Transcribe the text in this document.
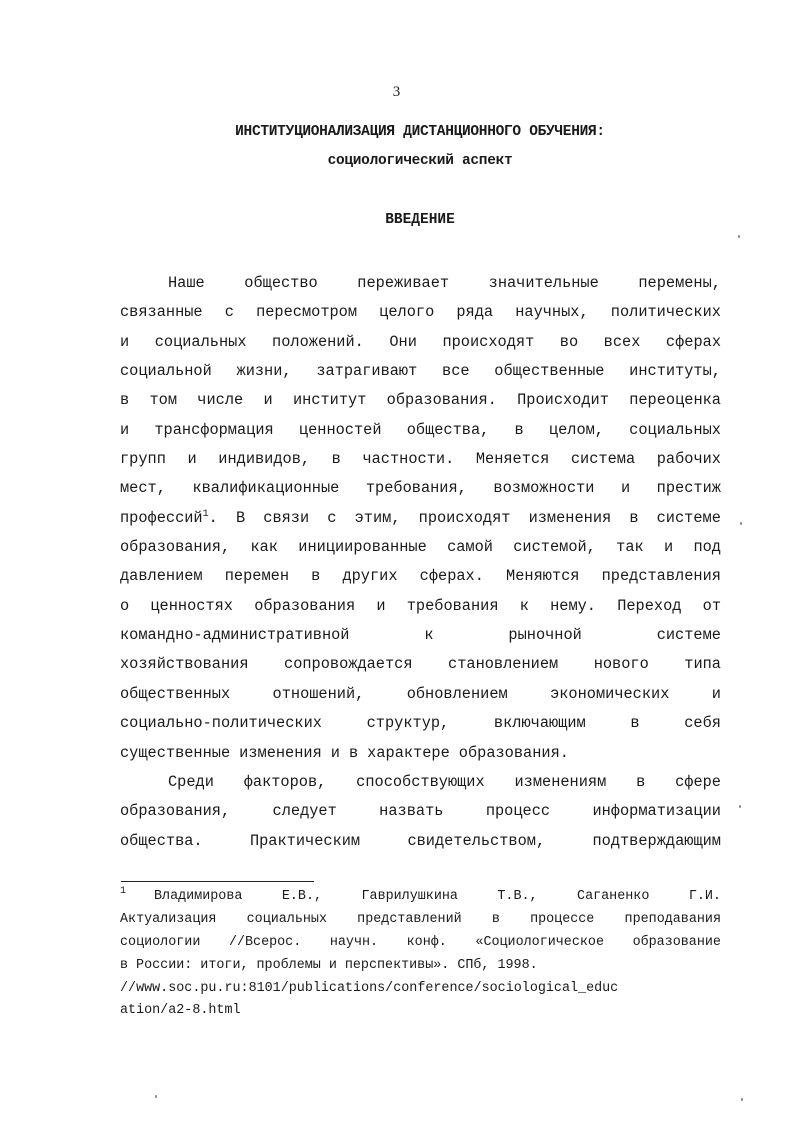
3
ИНСТИТУЦИОНАЛИЗАЦИЯ ДИСТАНЦИОННОГО ОБУЧЕНИЯ:
социологический аспект
ВВЕДЕНИЕ
Наше	общество	переживает	значительные	перемены,
связанные с пересмотром целого ряда научных, политических
и социальных положений. Они происходят во всех сферах
социальной жизни, затрагивают все общественные институты,
в том числе и институт образования. Происходит переоценка
и трансформация ценностей общества, в целом, социальных
групп и индивидов, в частности. Меняется система рабочих
мест, квалификационные требования, возможности и престиж
профессий$^1$. В связи с этим, происходят изменения в системе
образования, как инициированные самой системой, так и под
давлением перемен в других сферах. Меняются представления
о ценностях образования и требования к нему. Переход от
командно-административной	к	рыночной	системе
хозяйствования сопровождается становлением нового типа
общественных	отношений,	обновлением	экономических	и
социально-политических	структур,	включающим	в	себя
существенные изменения и в характере образования.
Среди факторов, способствующих изменениям в сфере
образования,	следует	назвать	процесс	информатизации
общества.	Практическим	свидетельством,	подтверждающим
1	Владимирова	Е.В.,	Гаврилушкина	Т.В.,	Саганенко	Г.И.
Актуализация социальных представлений в процессе преподавания
социологии //Всерос. научн. конф. «Социологическое образование
в России: итоги, проблемы и перспективы». СПб, 1998.
//www.soc.pu.ru:8101/publications/conference/sociological_educ
ation/a2-8.html
